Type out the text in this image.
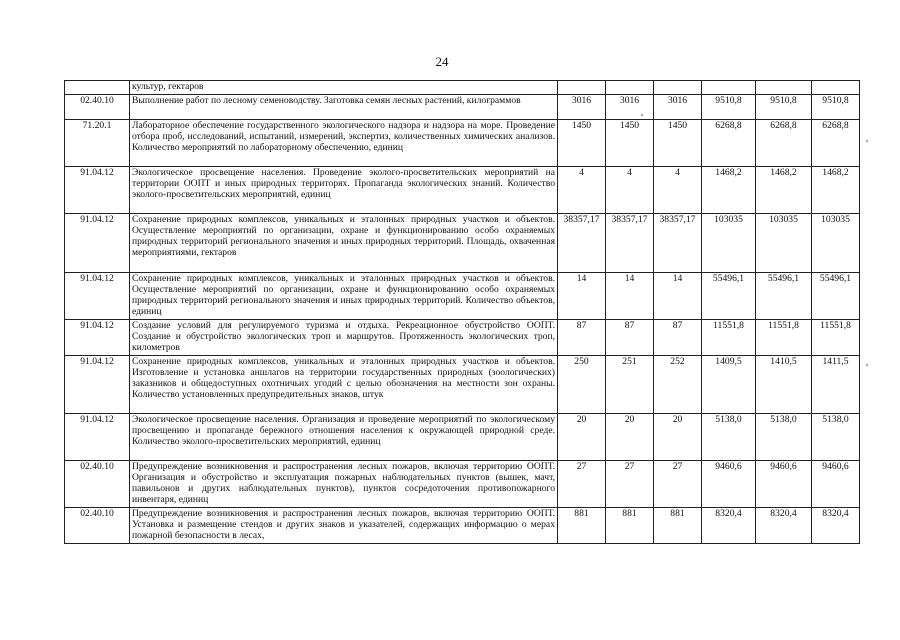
24
	культур, гектаров						
02.40.10	Выполнение работ по лесному семеноводству. Заготовка семян лесных растений, килограммов	3016	3016	3016	9510,8	9510,8	9510,8
71.20.1	Лабораторное обеспечение государственного экологического надзора и надзора на море. Проведение отбора проб, исследований, испытаний, измерений, экспертиз, количественных химических анализов. Количество мероприятий по лабораторному обеспечению, единиц	1450	1450	1450	6268,8	6268,8	6268,8
91.04.12	Экологическое просвещение населения. Проведение эколого-просветительских мероприятий на территории ООПТ и иных природных территорях. Пропаганда экологических знаний. Количество эколого-просветительских мероприятий, единиц	4	4	4	1468,2	1468,2	1468,2
91.04.12	Сохранение природных комплексов, уникальных и эталонных природных участков и объектов. Осуществление мероприятий по организации, охране и функционированию особо охраняемых природных территорий регионального значения и иных природных территорий. Площадь, охваченная мероприятиями, гектаров	38357,17	38357,17	38357,17	103035	103035	103035
91.04.12	Сохранение природных комплексов, уникальных и эталонных природных участков и объектов. Осуществление мероприятий по организации, охране и функционированию особо охраняемых природных территорий регионального значения и иных природных территорий. Количество объектов, единиц	14	14	14	55496,1	55496,1	55496,1
91.04.12	Создание условий для регулируемого туризма и отдыха. Рекреационное обустройство ООПТ. Создание и обустройство экологических троп и маршрутов. Протяженность экологических троп, километров	87	87	87	11551,8	11551,8	11551,8
91.04.12	Сохранение природных комплексов, уникальных и эталонных природных участков и объектов. Изготовление и установка аншлагов на территории государственных природных (зоологических) заказников и общедоступных охотничьих угодий с целью обозначения на местности зон охраны. Количество установленных предупредительных знаков, штук	250	251	252	1409,5	1410,5	1411,5
91.04.12	Экологическое просвещение населения. Организация и проведение мероприятий по экологическому просвещению и пропаганде бережного отношения населения к окружающей природной среде. Количество эколого-просветительских мероприятий, единиц	20	20	20	5138,0	5138,0	5138,0
02.40.10	Предупреждение возникновения и распространения лесных пожаров, включая территорию ООПТ. Организация и обустройство и эксплуатация пожарных наблюдательных пунктов (вышек, мачт, павильонов и других наблюдательных пунктов), пунктов сосредоточения противопожарного инвентаря, единиц	27	27	27	9460,6	9460,6	9460,6
02.40.10	Предупреждение возникновения и распространения лесных пожаров, включая территорию ООПТ. Установка и размещение стендов и других знаков и указателей, содержащих информацию о мерах пожарной безопасности в лесах,	881	881	881	8320,4	8320,4	8320,4
